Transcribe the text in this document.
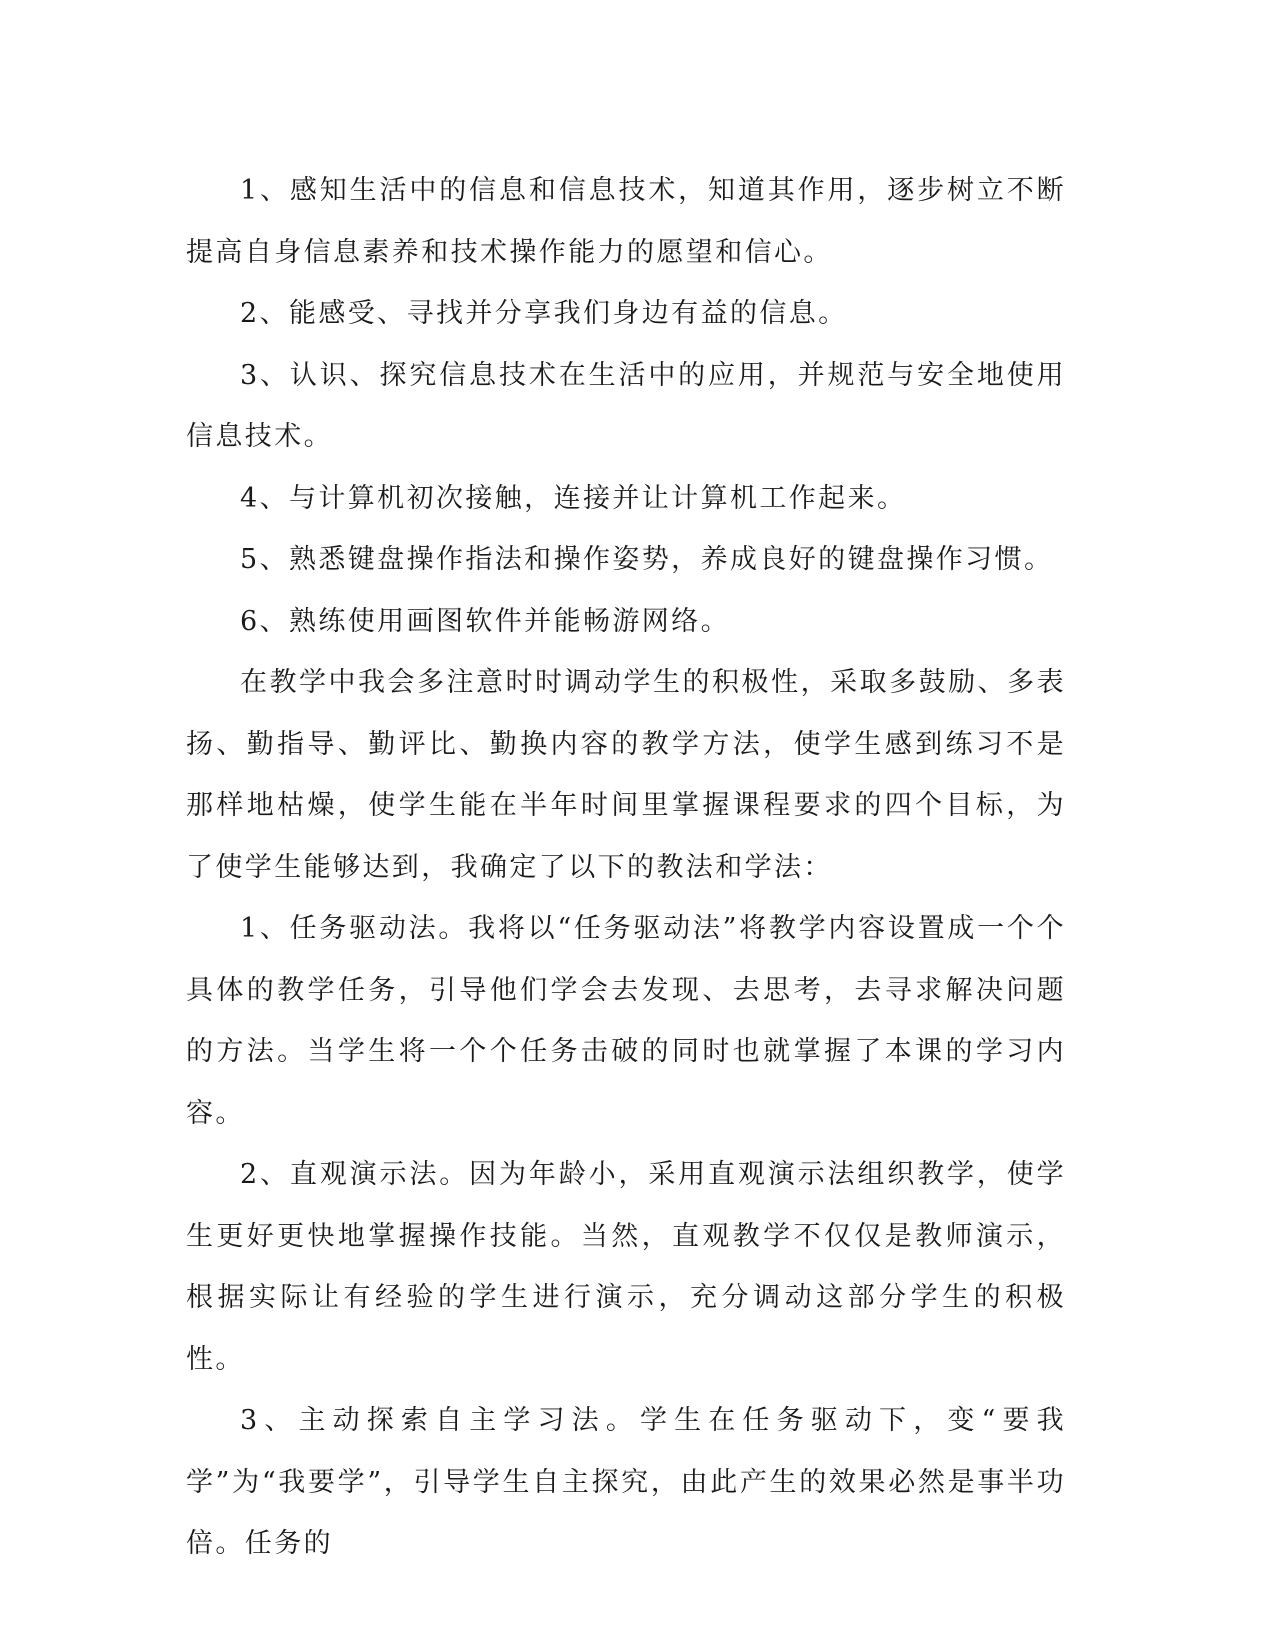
1、感知生活中的信息和信息技术，知道其作用，逐步树立不断提高自身信息素养和技术操作能力的愿望和信心。

2、能感受、寻找并分享我们身边有益的信息。

3、认识、探究信息技术在生活中的应用，并规范与安全地使用信息技术。

4、与计算机初次接触，连接并让计算机工作起来。

5、熟悉键盘操作指法和操作姿势，养成良好的键盘操作习惯。

6、熟练使用画图软件并能畅游网络。

在教学中我会多注意时时调动学生的积极性，采取多鼓励、多表扬、勤指导、勤评比、勤换内容的教学方法，使学生感到练习不是那样地枯燥，使学生能在半年时间里掌握课程要求的四个目标，为了使学生能够达到，我确定了以下的教法和学法：

1、任务驱动法。我将以“任务驱动法”将教学内容设置成一个个具体的教学任务，引导他们学会去发现、去思考，去寻求解决问题的方法。当学生将一个个任务击破的同时也就掌握了本课的学习内容。

2、直观演示法。因为年龄小，采用直观演示法组织教学，使学生更好更快地掌握操作技能。当然，直观教学不仅仅是教师演示，根据实际让有经验的学生进行演示，充分调动这部分学生的积极性。

3、主动探索自主学习法。学生在任务驱动下，变“要我学”为“我要学”，引导学生自主探究，由此产生的效果必然是事半功倍。任务的
